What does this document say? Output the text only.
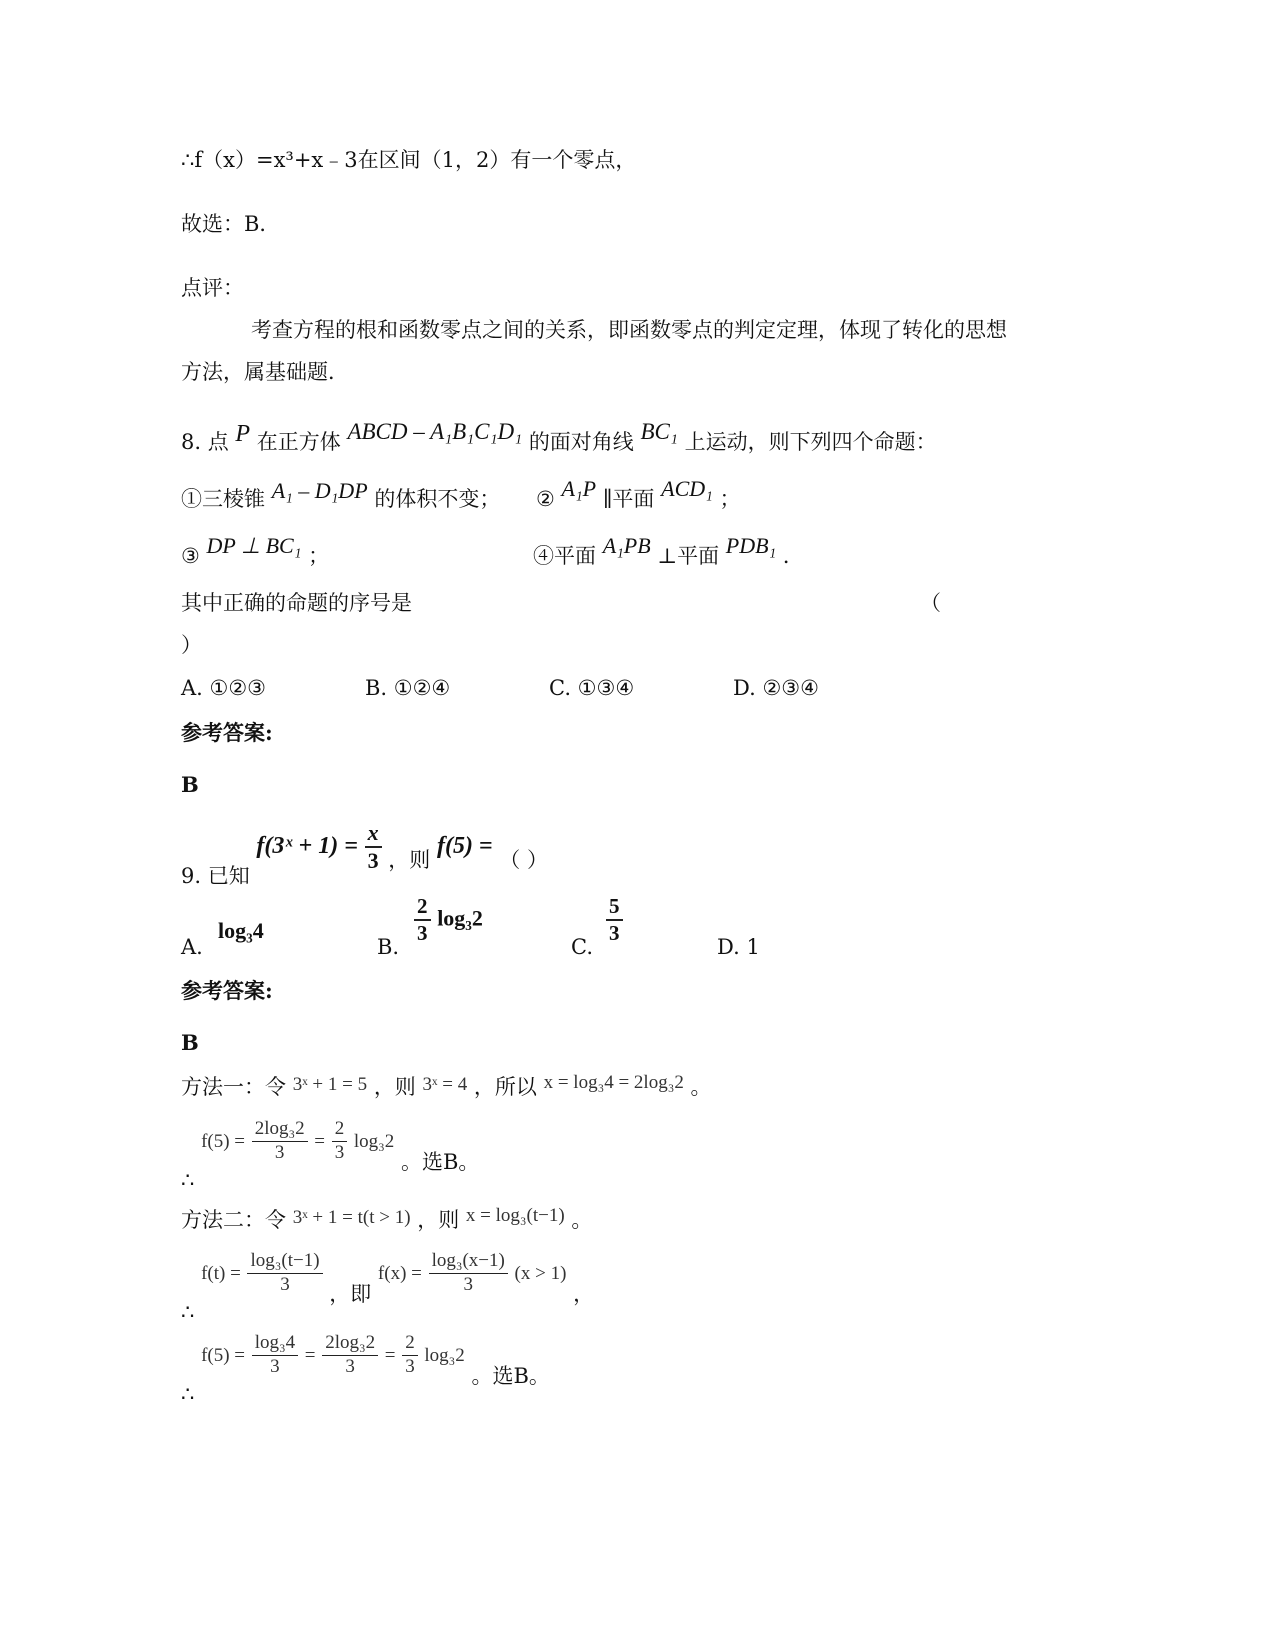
∴f（x）=x³+x﹣3在区间（1，2）有一个零点，
故选：B．
点评：
考查方程的根和函数零点之间的关系，即函数零点的判定定理，体现了转化的思想
方法，属基础题．
8. 点 P 在正方体 ABCD – A₁B₁C₁D₁ 的面对角线 BC₁ 上运动，则下列四个命题：
①三棱锥 A₁ – D₁DP 的体积不变； ② A₁P ∥平面 ACD₁ ；
③ DP ⊥ BC₁ ；	④平面 A₁PB ⊥平面 PDB₁ ．
其中正确的命题的序号是	（
）
A. ①②③	B. ①②④	C. ①③④	D. ②③④
参考答案:
B
9. 已知 f(3ˣ + $1) = \frac{x}{3}$ ，则 f(5) = （ ）
A.
log₃4
B.
$\frac{2}{3} \log_32$
C.
$\frac{5}{3}$
D. 1
参考答案:
B
方法一：令 3ˣ + 1 = 5 ，则 3ˣ = 4 ，所以 x = log₃4 = 2log₃2 。
∴ $f(5) = \frac{\text{2log₃2}}{3} = \frac{2}{3} \log_32$ 。选B。
方法二：令 3ˣ + 1 = t(t > 1) ，则 x = log₃(t−1) 。
∴ $f(t) = \frac{\text{log₃(t−1)}}{3}$ ，即 $f(x) = \frac{\text{log₃(x−1)}}{3} (x > 1)$ ，
∴ $f(5) = \frac{\text{log₃4}}{3} = \frac{\text{2log₃2}}{3} = \frac{2}{3} \log_32$ 。选B。
